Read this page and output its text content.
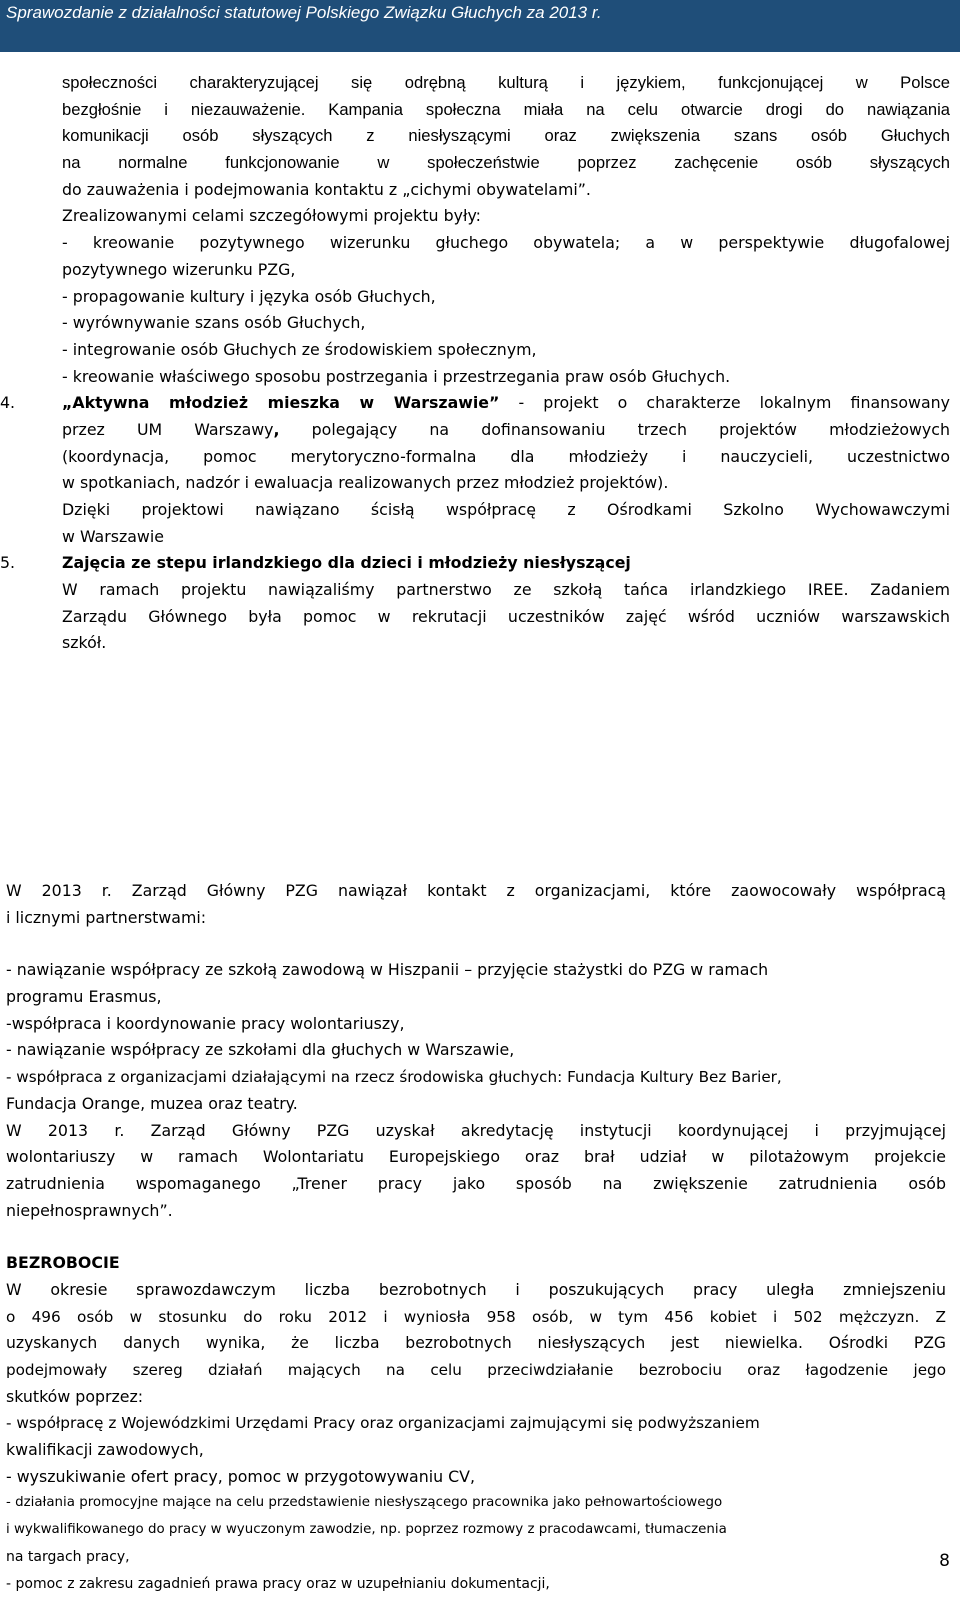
Sprawozdanie z działalności statutowej Polskiego Związku Głuchych za 2013 r.
społeczności charakteryzującej się odrębną kulturą i językiem, funkcjonującej w Polsce
bezgłośnie i niezauważenie. Kampania społeczna miała na celu otwarcie drogi do nawiązania
komunikacji osób słyszących z niesłyszącymi oraz zwiększenia szans osób Głuchych
na normalne funkcjonowanie w społeczeństwie poprzez zachęcenie osób słyszących
do zauważenia i podejmowania kontaktu z „cichymi obywatelami”.
Zrealizowanymi celami szczegółowymi projektu były:
- kreowanie pozytywnego wizerunku głuchego obywatela; a w perspektywie długofalowej
pozytywnego wizerunku PZG,
- propagowanie kultury i języka osób Głuchych,
- wyrównywanie szans osób Głuchych,
- integrowanie osób Głuchych ze środowiskiem społecznym,
- kreowanie właściwego sposobu postrzegania i przestrzegania praw osób Głuchych.
4.	„Aktywna młodzież mieszka w Warszawie” - projekt o charakterze lokalnym finansowany
przez UM Warszawy, polegający na dofinansowaniu trzech projektów młodzieżowych
(koordynacja, pomoc merytoryczno-formalna dla młodzieży i nauczycieli, uczestnictwo
w spotkaniach, nadzór i ewaluacja realizowanych przez młodzież projektów).
Dzięki projektowi nawiązano ścisłą współpracę z Ośrodkami Szkolno Wychowawczymi
w Warszawie
5.	Zajęcia ze stepu irlandzkiego dla dzieci i młodzieży niesłyszącej
W ramach projektu nawiązaliśmy partnerstwo ze szkołą tańca irlandzkiego IREE. Zadaniem
Zarządu Głównego była pomoc w rekrutacji uczestników zajęć wśród uczniów warszawskich
szkół.
W 2013 r. Zarząd Główny PZG nawiązał kontakt z organizacjami, które zaowocowały współpracą
i licznymi partnerstwami:
- nawiązanie współpracy ze szkołą zawodową w Hiszpanii – przyjęcie stażystki do PZG w ramach
programu Erasmus,
-współpraca i koordynowanie pracy wolontariuszy,
- nawiązanie współpracy ze szkołami dla głuchych w Warszawie,
- współpraca z organizacjami działającymi na rzecz środowiska głuchych: Fundacja Kultury Bez Barier,
Fundacja Orange, muzea oraz teatry.
W 2013 r. Zarząd Główny PZG uzyskał akredytację instytucji koordynującej i przyjmującej
wolontariuszy w ramach Wolontariatu Europejskiego oraz brał udział w pilotażowym projekcie
zatrudnienia wspomaganego „Trener pracy jako sposób na zwiększenie zatrudnienia osób
niepełnosprawnych”.
BEZROBOCIE
W okresie sprawozdawczym liczba bezrobotnych i poszukujących pracy uległa zmniejszeniu
o 496 osób w stosunku do roku 2012 i wyniosła 958 osób, w tym 456 kobiet i 502 mężczyzn. Z
uzyskanych danych wynika, że liczba bezrobotnych niesłyszących jest niewielka. Ośrodki PZG
podejmowały szereg działań mających na celu przeciwdziałanie bezrobociu oraz łagodzenie jego
skutków poprzez:
- współpracę z Wojewódzkimi Urzędami Pracy oraz organizacjami zajmującymi się podwyższaniem
kwalifikacji zawodowych,
- wyszukiwanie ofert pracy, pomoc w przygotowywaniu CV,
- działania promocyjne mające na celu przedstawienie niesłyszącego pracownika jako pełnowartościowego
i wykwalifikowanego do pracy w wyuczonym zawodzie, np. poprzez rozmowy z pracodawcami, tłumaczenia
na targach pracy,
- pomoc z zakresu zagadnień prawa pracy oraz w uzupełnianiu dokumentacji,
8
